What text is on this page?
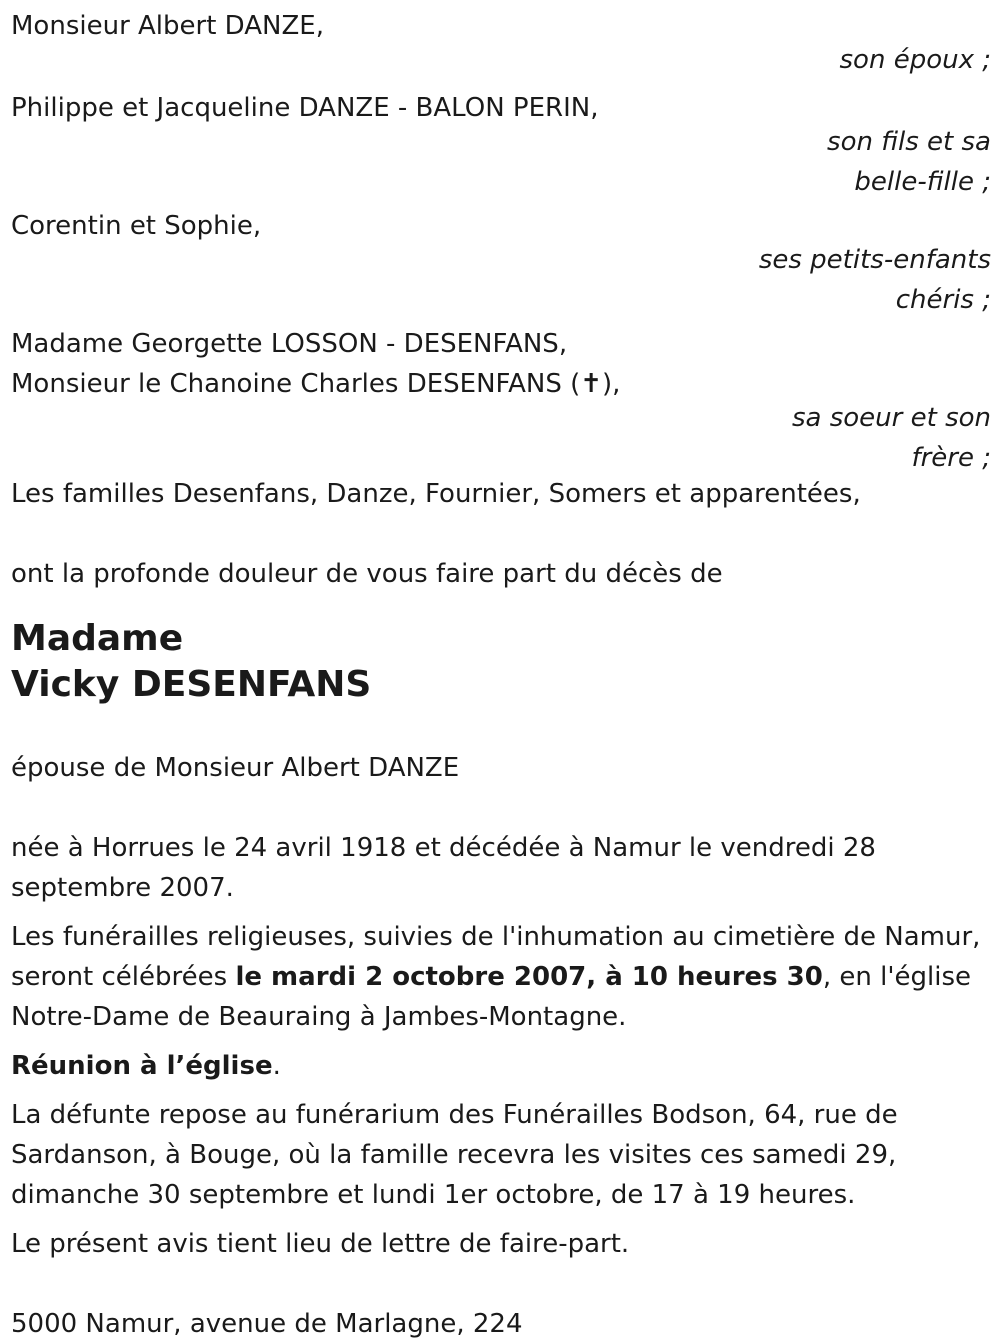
Monsieur Albert DANZE,
son époux ;
Philippe et Jacqueline DANZE - BALON PERIN,
son fils et sa
belle-fille ;
Corentin et Sophie,
ses petits-enfants
chéris ;
Madame Georgette LOSSON - DESENFANS,
Monsieur le Chanoine Charles DESENFANS (✝),
sa soeur et son
frère ;
Les familles Desenfans, Danze, Fournier, Somers et apparentées,
ont la profonde douleur de vous faire part du décès de
Madame
Vicky DESENFANS
épouse de Monsieur Albert DANZE
née à Horrues le 24 avril 1918 et décédée à Namur le vendredi 28
septembre 2007.
Les funérailles religieuses, suivies de l'inhumation au cimetière de Namur,
seront célébrées le mardi 2 octobre 2007, à 10 heures 30, en l'église
Notre-Dame de Beauraing à Jambes-Montagne.
Réunion à l’église.
La défunte repose au funérarium des Funérailles Bodson, 64, rue de
Sardanson, à Bouge, où la famille recevra les visites ces samedi 29,
dimanche 30 septembre et lundi 1er octobre, de 17 à 19 heures.
Le présent avis tient lieu de lettre de faire-part.
5000 Namur, avenue de Marlagne, 224
